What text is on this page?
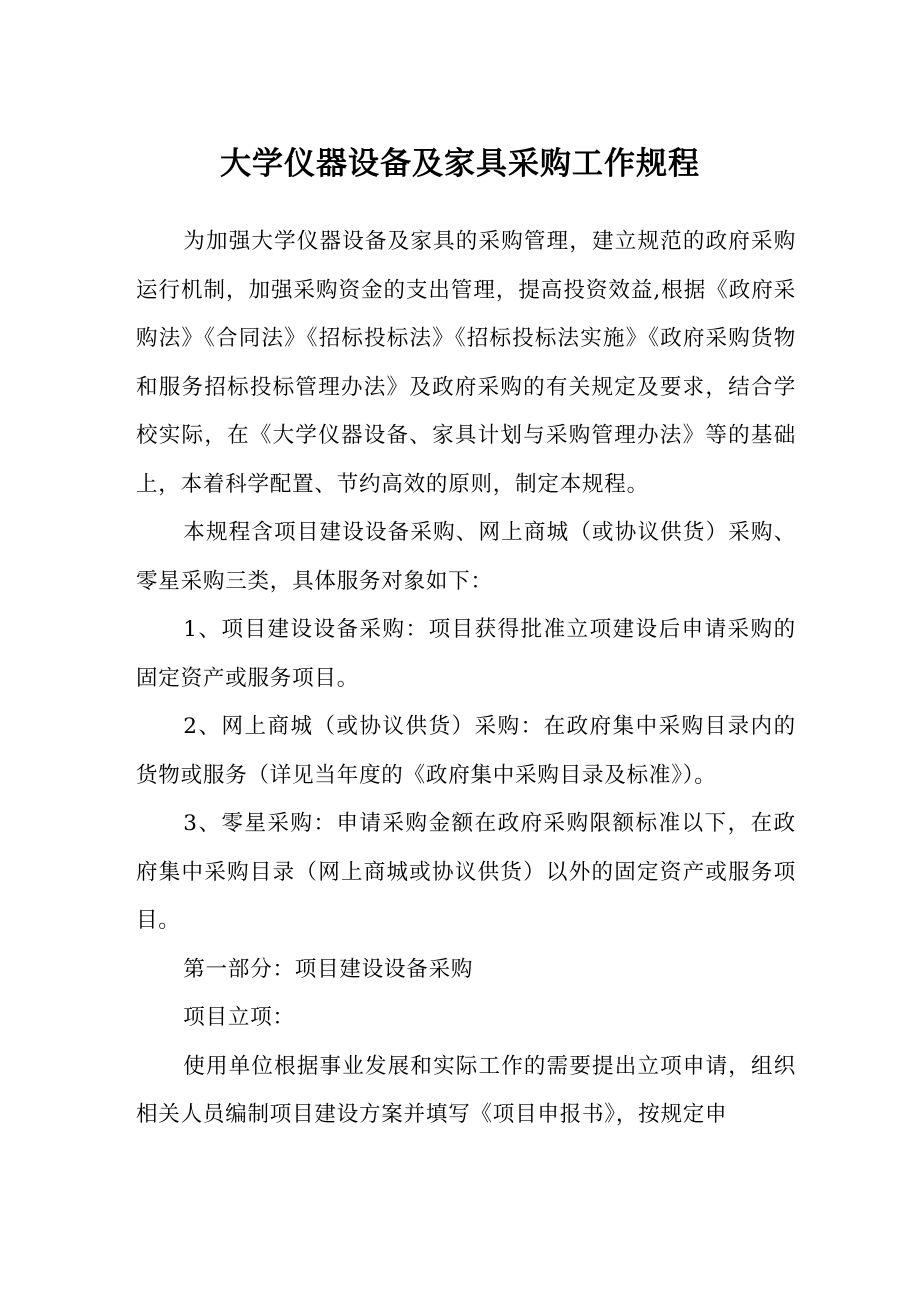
大学仪器设备及家具采购工作规程

为加强大学仪器设备及家具的采购管理，建立规范的政府采购运行机制，加强采购资金的支出管理，提高投资效益,根据《政府采购法》《合同法》《招标投标法》《招标投标法实施》《政府采购货物和服务招标投标管理办法》及政府采购的有关规定及要求，结合学校实际，在《大学仪器设备、家具计划与采购管理办法》等的基础上，本着科学配置、节约高效的原则，制定本规程。

本规程含项目建设设备采购、网上商城（或协议供货）采购、零星采购三类，具体服务对象如下：

1、项目建设设备采购：项目获得批准立项建设后申请采购的固定资产或服务项目。

2、网上商城（或协议供货）采购：在政府集中采购目录内的货物或服务（详见当年度的《政府集中采购目录及标准》）。

3、零星采购：申请采购金额在政府采购限额标准以下，在政府集中采购目录（网上商城或协议供货）以外的固定资产或服务项目。

第一部分：项目建设设备采购

项目立项：

使用单位根据事业发展和实际工作的需要提出立项申请，组织相关人员编制项目建设方案并填写《项目申报书》，按规定申
